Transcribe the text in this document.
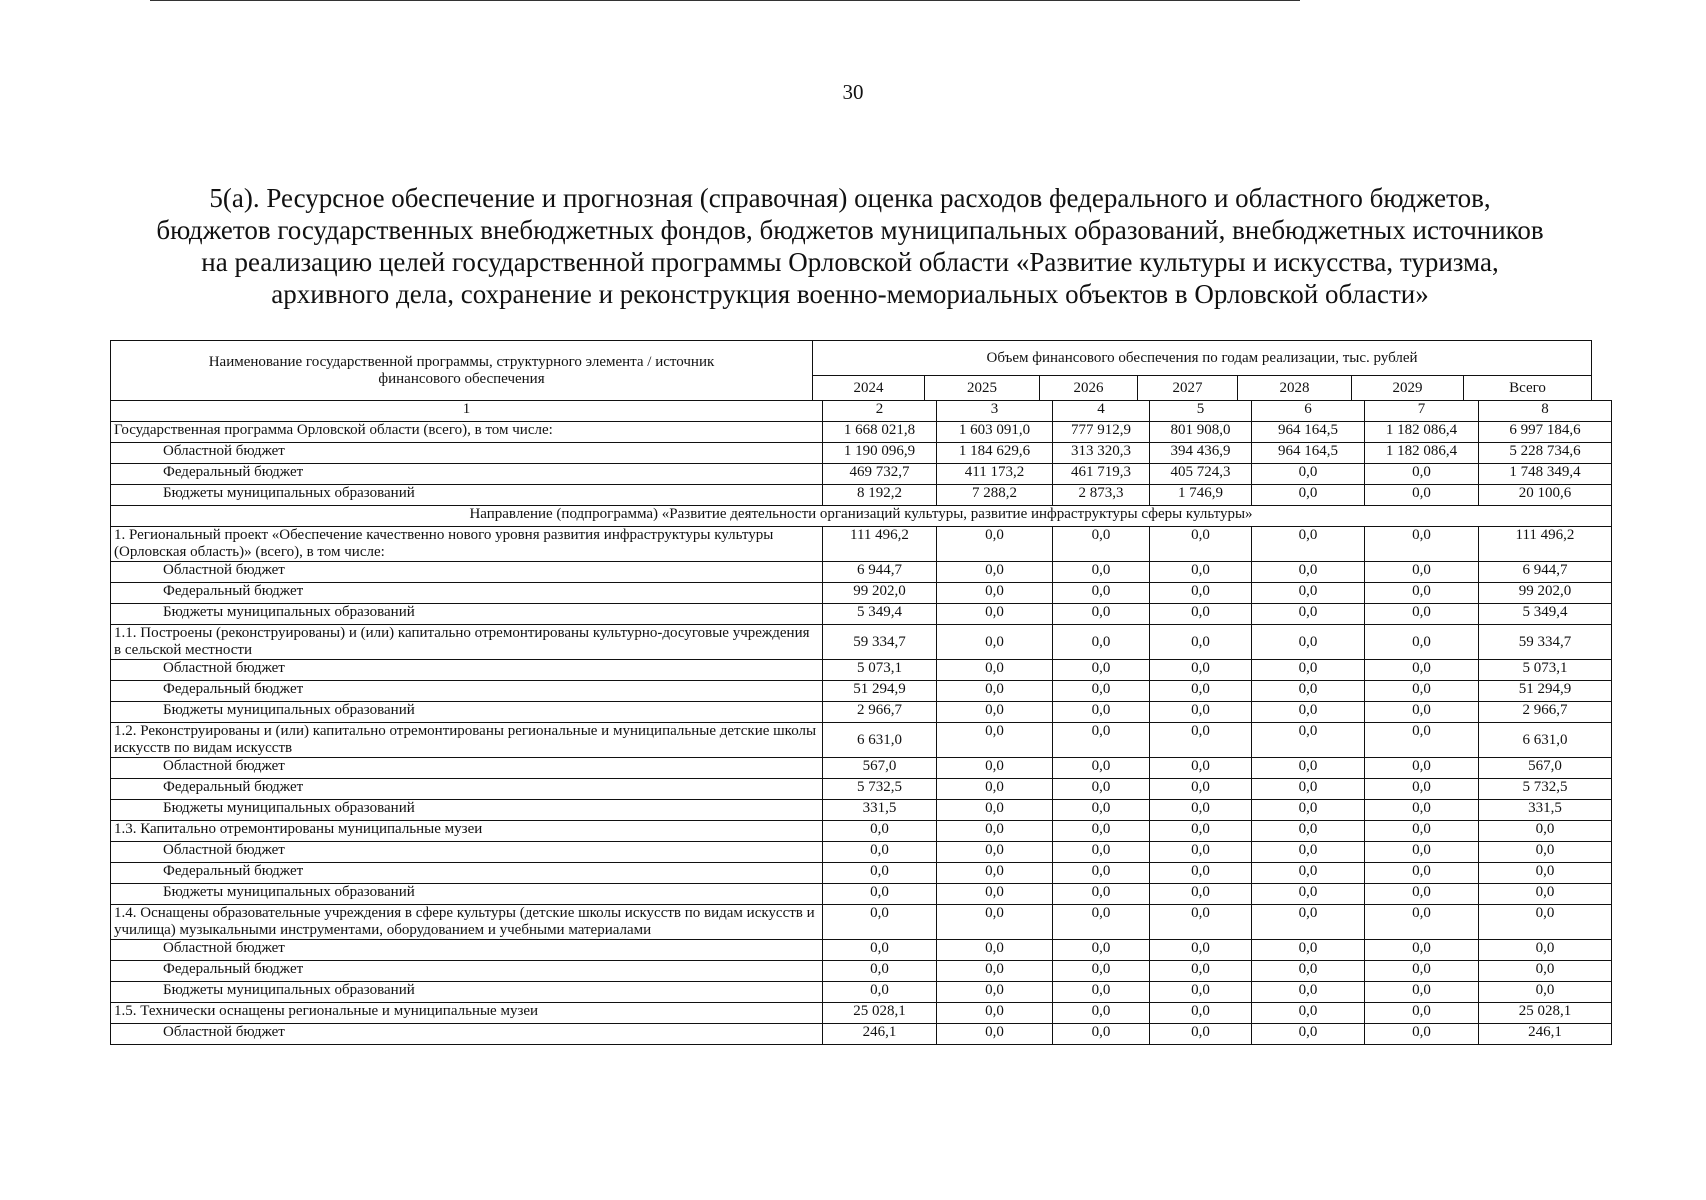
30
5(а). Ресурсное обеспечение и прогнозная (справочная) оценка расходов федерального и областного бюджетов,
бюджетов государственных внебюджетных фондов, бюджетов муниципальных образований, внебюджетных источников
на реализацию целей государственной программы Орловской области «Развитие культуры и искусства, туризма,
архивного дела, сохранение и реконструкция военно-мемориальных объектов в Орловской области»
Наименование государственной программы, структурного элемента / источник финансового обеспечения	Объем финансового обеспечения по годам реализации, тыс. рублей						
	2024	2025	2026	2027	2028	2029	Всего
1	2	3	4	5	6	7	8
Государственная программа Орловской области (всего), в том числе:	1 668 021,8	1 603 091,0	777 912,9	801 908,0	964 164,5	1 182 086,4	6 997 184,6
Областной бюджет	1 190 096,9	1 184 629,6	313 320,3	394 436,9	964 164,5	1 182 086,4	5 228 734,6
Федеральный бюджет	469 732,7	411 173,2	461 719,3	405 724,3	0,0	0,0	1 748 349,4
Бюджеты муниципальных образований	8 192,2	7 288,2	2 873,3	1 746,9	0,0	0,0	20 100,6
Направление (подпрограмма) «Развитие деятельности организаций культуры, развитие инфраструктуры сферы культуры»							
1. Региональный проект «Обеспечение качественно нового уровня развития инфраструктуры культуры (Орловская область)» (всего), в том числе:	111 496,2	0,0	0,0	0,0	0,0	0,0	111 496,2
Областной бюджет	6 944,7	0,0	0,0	0,0	0,0	0,0	6 944,7
Федеральный бюджет	99 202,0	0,0	0,0	0,0	0,0	0,0	99 202,0
Бюджеты муниципальных образований	5 349,4	0,0	0,0	0,0	0,0	0,0	5 349,4
1.1. Построены (реконструированы) и (или) капитально отремонтированы культурно-досуговые учреждения в сельской местности	59 334,7	0,0	0,0	0,0	0,0	0,0	59 334,7
Областной бюджет	5 073,1	0,0	0,0	0,0	0,0	0,0	5 073,1
Федеральный бюджет	51 294,9	0,0	0,0	0,0	0,0	0,0	51 294,9
Бюджеты муниципальных образований	2 966,7	0,0	0,0	0,0	0,0	0,0	2 966,7
1.2. Реконструированы и (или) капитально отремонтированы региональные и муниципальные детские школы искусств по видам искусств	6 631,0	0,0	0,0	0,0	0,0	0,0	6 631,0
Областной бюджет	567,0	0,0	0,0	0,0	0,0	0,0	567,0
Федеральный бюджет	5 732,5	0,0	0,0	0,0	0,0	0,0	5 732,5
Бюджеты муниципальных образований	331,5	0,0	0,0	0,0	0,0	0,0	331,5
1.3. Капитально отремонтированы муниципальные музеи	0,0	0,0	0,0	0,0	0,0	0,0	0,0
Областной бюджет	0,0	0,0	0,0	0,0	0,0	0,0	0,0
Федеральный бюджет	0,0	0,0	0,0	0,0	0,0	0,0	0,0
Бюджеты муниципальных образований	0,0	0,0	0,0	0,0	0,0	0,0	0,0
1.4. Оснащены образовательные учреждения в сфере культуры (детские школы искусств по видам искусств и училища) музыкальными инструментами, оборудованием и учебными материалами	0,0	0,0	0,0	0,0	0,0	0,0	0,0
Областной бюджет	0,0	0,0	0,0	0,0	0,0	0,0	0,0
Федеральный бюджет	0,0	0,0	0,0	0,0	0,0	0,0	0,0
Бюджеты муниципальных образований	0,0	0,0	0,0	0,0	0,0	0,0	0,0
1.5. Технически оснащены региональные и муниципальные музеи	25 028,1	0,0	0,0	0,0	0,0	0,0	25 028,1
Областной бюджет	246,1	0,0	0,0	0,0	0,0	0,0	246,1
